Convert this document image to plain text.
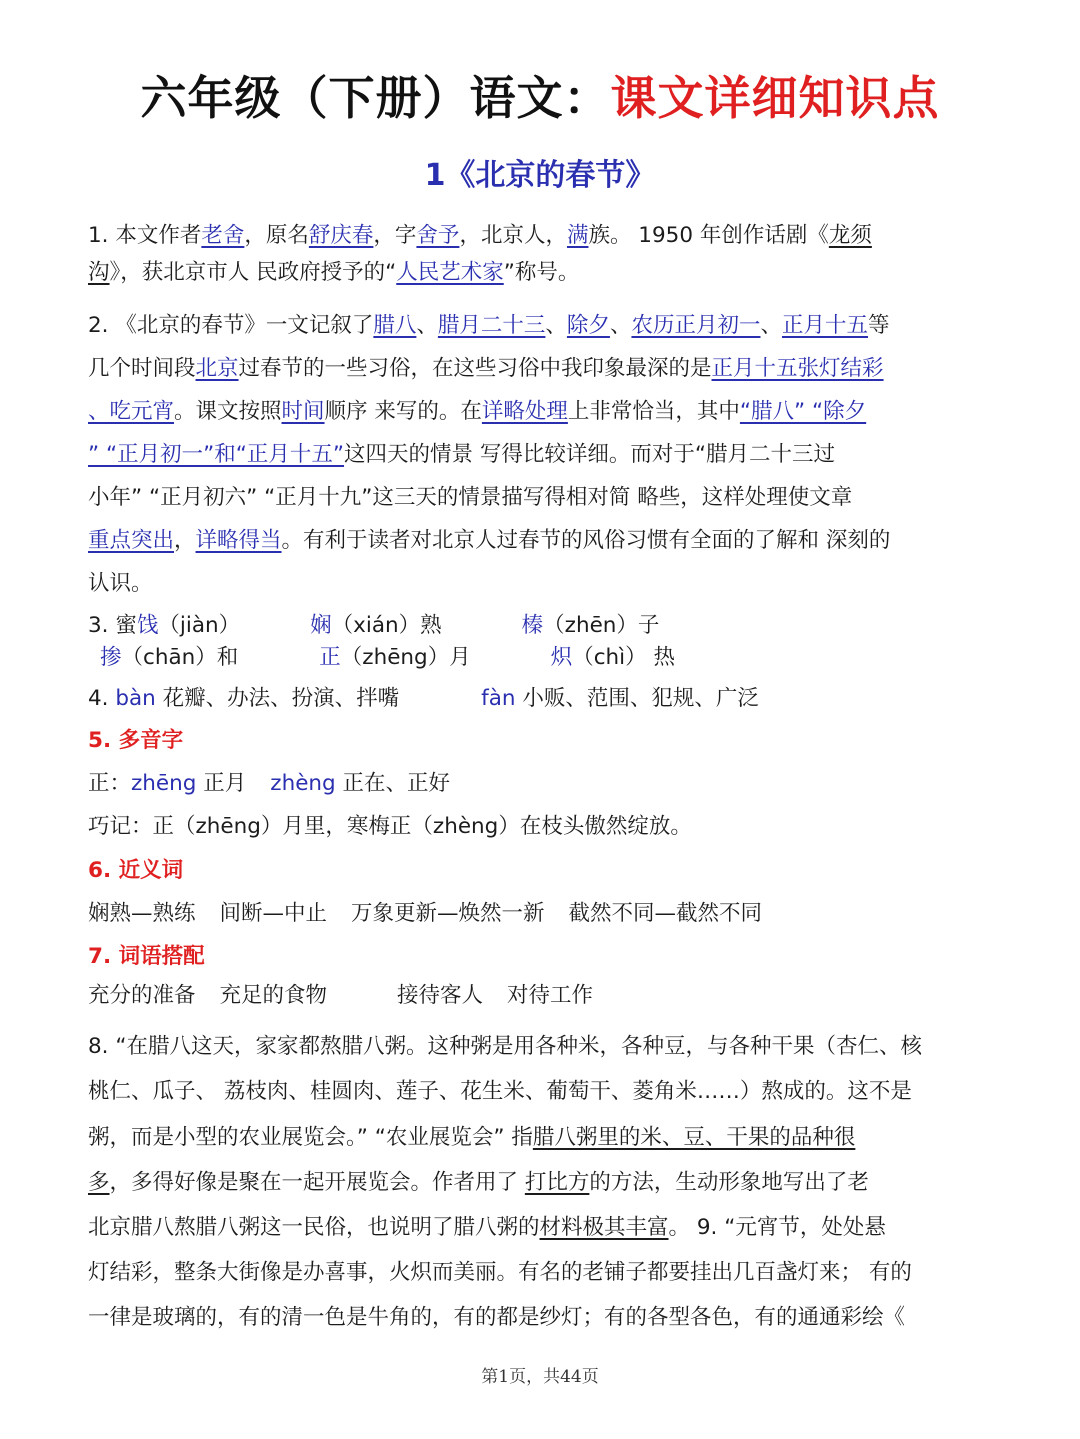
六年级（下册）语文：课文详细知识点
1《北京的春节》
1. 本文作者老舍，原名舒庆春，字舍予，北京人，满族。 1950 年创作话剧《龙须
沟》，获北京市人 民政府授予的“人民艺术家”称号。
2. 《北京的春节》一文记叙了腊八、腊月二十三、除夕、农历正月初一、正月十五等
几个时间段北京过春节的一些习俗，在这些习俗中我印象最深的是正月十五张灯结彩
、吃元宵。课文按照时间顺序 来写的。在详略处理上非常恰当，其中“腊八” “除夕
” “正月初一”和“正月十五”这四天的情景 写得比较详细。而对于“腊月二十三过
小年” “正月初六” “正月十九”这三天的情景描写得相对简 略些，这样处理使文章
重点突出，详略得当。有利于读者对北京人过春节的风俗习惯有全面的了解和 深刻的
认识。
3. 蜜饯（jiàn）	娴（xián）熟	榛（zhēn）子
掺（chān）和	正（zhēng）月	炽（chì） 热
4. bàn 花瓣、办法、扮演、拌嘴	fàn 小贩、范围、犯规、广泛
5. 多音字
正：zhēng 正月 zhèng 正在、正好
巧记：正（zhēng）月里，寒梅正（zhèng）在枝头傲然绽放。
6. 近义词
娴熟—熟练 间断—中止 万象更新—焕然一新 截然不同—截然不同
7. 词语搭配
充分的准备 充足的食物	接待客人 对待工作
8. “在腊八这天，家家都熬腊八粥。这种粥是用各种米，各种豆，与各种干果（杏仁、核
桃仁、瓜子、 荔枝肉、桂圆肉、莲子、花生米、葡萄干、菱角米……）熬成的。这不是
粥，而是小型的农业展览会。” “农业展览会” 指腊八粥里的米、豆、干果的品种很
多，多得好像是聚在一起开展览会。作者用了 打比方的方法，生动形象地写出了老
北京腊八熬腊八粥这一民俗，也说明了腊八粥的材料极其丰富。 9. “元宵节，处处悬
灯结彩，整条大街像是办喜事，火炽而美丽。有名的老铺子都要挂出几百盏灯来； 有的
一律是玻璃的，有的清一色是牛角的，有的都是纱灯；有的各型各色，有的通通彩绘《
第1页，共44页
